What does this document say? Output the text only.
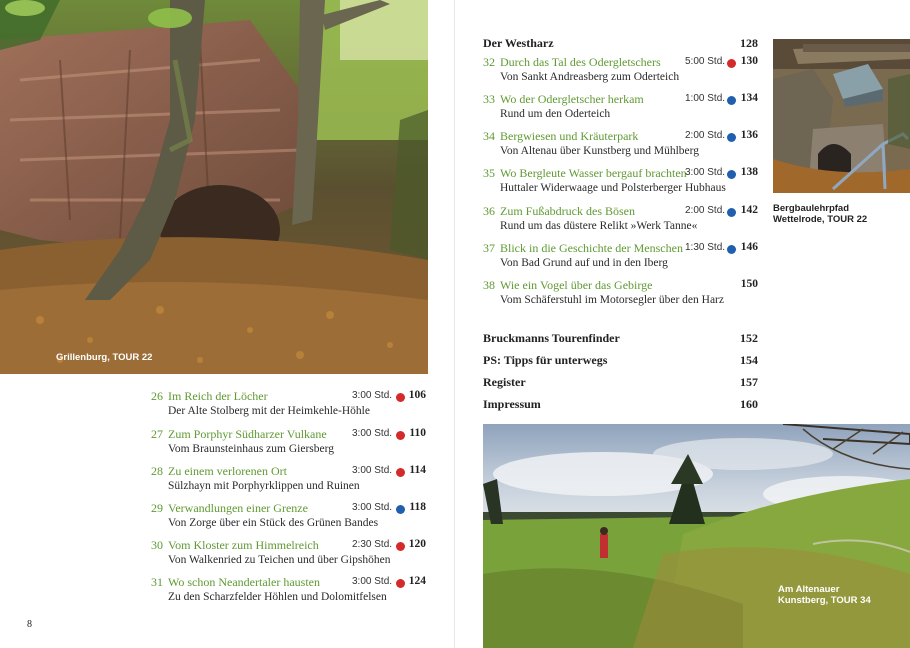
Grillenburg, TOUR 22
26 Im Reich der Löcher
Der Alte Stolberg mit der Heimkehle-Höhle
3:00 Std.	106
27 Zum Porphyr Südharzer Vulkane
Vom Braunsteinhaus zum Giersberg
3:00 Std.	110
28 Zu einem verlorenen Ort
Sülzhayn mit Porphyrklippen und Ruinen
3:00 Std.	114
29 Verwandlungen einer Grenze
Von Zorge über ein Stück des Grünen Bandes
3:00 Std.	118
30 Vom Kloster zum Himmelreich
Von Walkenried zu Teichen und über Gipshöhen
2:30 Std.	120
31 Wo schon Neandertaler hausten
Zu den Scharzfelder Höhlen und Dolomitfelsen
3:00 Std.	124
8
Der Westharz	128
32 Durch das Tal des Odergletschers
Von Sankt Andreasberg zum Oderteich
5:00 Std.	130
33 Wo der Odergletscher herkam
Rund um den Oderteich
1:00 Std.	134
34 Bergwiesen und Kräuterpark
Von Altenau über Kunstberg und Mühlberg
2:00 Std.	136
35 Wo Bergleute Wasser bergauf brachten
Huttaler Widerwaage und Polsterberger Hubhaus
3:00 Std.	138
36 Zum Fußabdruck des Bösen
Rund um das düstere Relikt »Werk Tanne«
2:00 Std.	142
37 Blick in die Geschichte der Menschen
Von Bad Grund auf und in den Iberg
1:30 Std.	146
38 Wie ein Vogel über das Gebirge
Vom Schäferstuhl im Motorsegler über den Harz
150
Bruckmanns Tourenfinder	152
PS: Tipps für unterwegs	154
Register	157
Impressum	160
Bergbaulehrpfad Wettelrode, TOUR 22
Am Altenauer Kunstberg, TOUR 34
